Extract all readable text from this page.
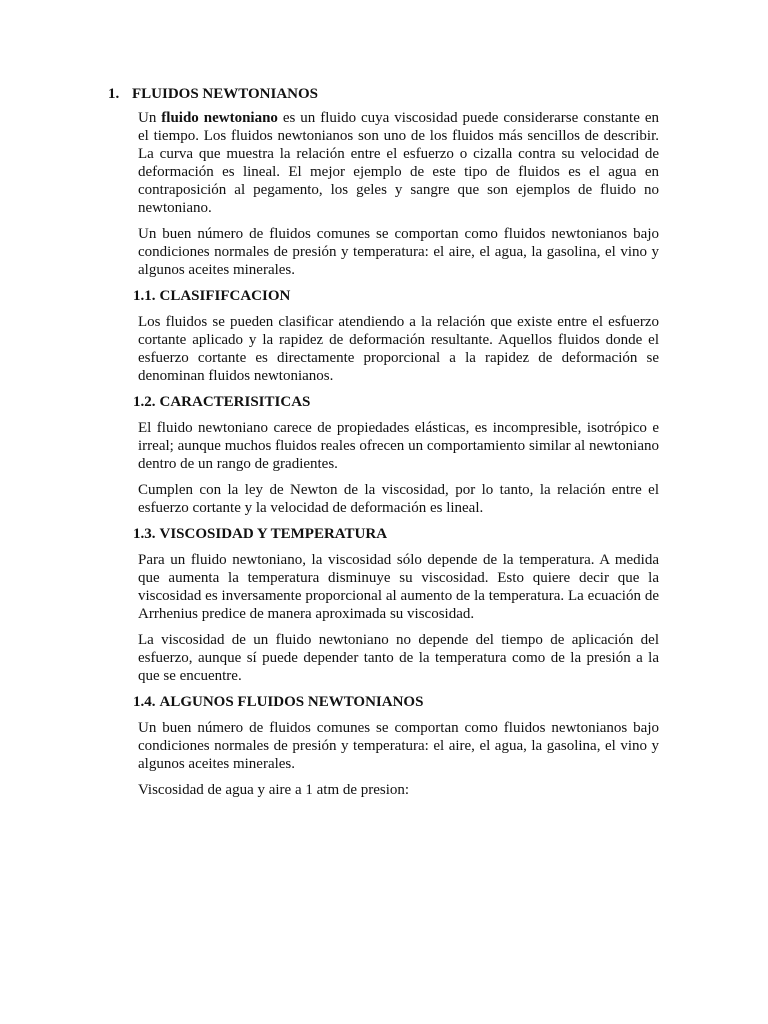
1. FLUIDOS NEWTONIANOS

Un fluido newtoniano es un fluido cuya viscosidad puede considerarse constante en el tiempo. Los fluidos newtonianos son uno de los fluidos más sencillos de describir. La curva que muestra la relación entre el esfuerzo o cizalla contra su velocidad de deformación es lineal. El mejor ejemplo de este tipo de fluidos es el agua en contraposición al pegamento, los geles y sangre que son ejemplos de fluido no newtoniano.

Un buen número de fluidos comunes se comportan como fluidos newtonianos bajo condiciones normales de presión y temperatura: el aire, el agua, la gasolina, el vino y algunos aceites minerales.

1.1. CLASIFIFCACION

Los fluidos se pueden clasificar atendiendo a la relación que existe entre el esfuerzo cortante aplicado y la rapidez de deformación resultante. Aquellos fluidos donde el esfuerzo cortante es directamente proporcional a la rapidez de deformación se denominan fluidos newtonianos.

1.2. CARACTERISITICAS

El fluido newtoniano carece de propiedades elásticas, es incompresible, isotrópico e irreal; aunque muchos fluidos reales ofrecen un comportamiento similar al newtoniano dentro de un rango de gradientes.

Cumplen con la ley de Newton de la viscosidad, por lo tanto, la relación entre el esfuerzo cortante y la velocidad de deformación es lineal.

1.3. VISCOSIDAD Y TEMPERATURA

Para un fluido newtoniano, la viscosidad sólo depende de la temperatura. A medida que aumenta la temperatura disminuye su viscosidad. Esto quiere decir que la viscosidad es inversamente proporcional al aumento de la temperatura. La ecuación de Arrhenius predice de manera aproximada su viscosidad.

La viscosidad de un fluido newtoniano no depende del tiempo de aplicación del esfuerzo, aunque sí puede depender tanto de la temperatura como de la presión a la que se encuentre.

1.4. ALGUNOS FLUIDOS NEWTONIANOS

Un buen número de fluidos comunes se comportan como fluidos newtonianos bajo condiciones normales de presión y temperatura: el aire, el agua, la gasolina, el vino y algunos aceites minerales.

Viscosidad de agua y aire a 1 atm de presion:
